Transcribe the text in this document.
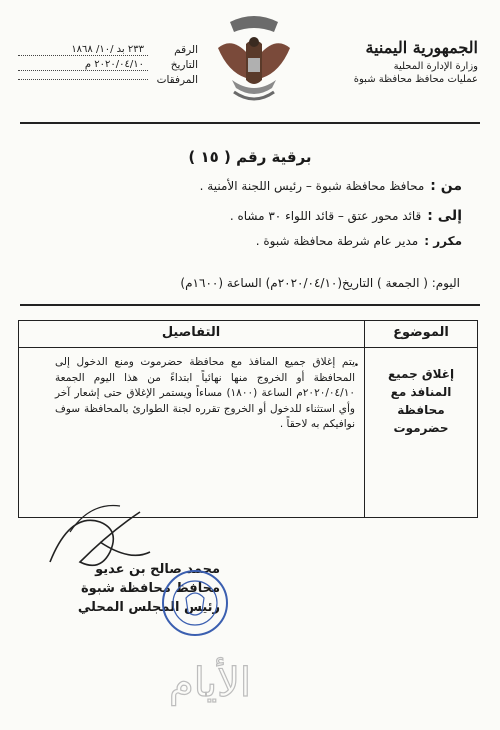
الجمهورية اليمنية
وزارة الإدارة المحلية
عمليات محافظ محافظة شبوة
الرقم
٢٣٣ بد /١٠/ ١٨٦٨
التاريخ
٢٠٢٠/٠٤/١٠ م
المرفقات
برقية رقم ( ١٥ )
من :محافظ محافظة شبوة – رئيس اللجنة الأمنية .
إلى :قائد محور عتق – قائد اللواء ٣٠ مشاه .
مكرر :مدير عام شرطة محافظة شبوة .
اليوم: ( الجمعة ) التاريخ(٢٠٢٠/٠٤/١٠م) الساعة (١٦٠٠م)
الموضوع
التفاصيل
إغلاق جميع المنافذ مع محافظة حضرموت
•
يتم إغلاق جميع المنافذ مع محافظة حضرموت ومنع الدخول إلى المحافظة أو الخروج منها نهائياً ابتداءً من هذا اليوم الجمعة ٢٠٢٠/٠٤/١٠م الساعة (١٨٠٠) مساءاً ويستمر الإغلاق حتى إشعار آخر وأي استثناء للدخول أو الخروج تقرره لجنة الطوارئ بالمحافظة سوف نوافيكم به لاحقاً .
محمد صالح بن عديو
محافظ محافظة شبوة
رئيس المجلس المحلي
الأيام
